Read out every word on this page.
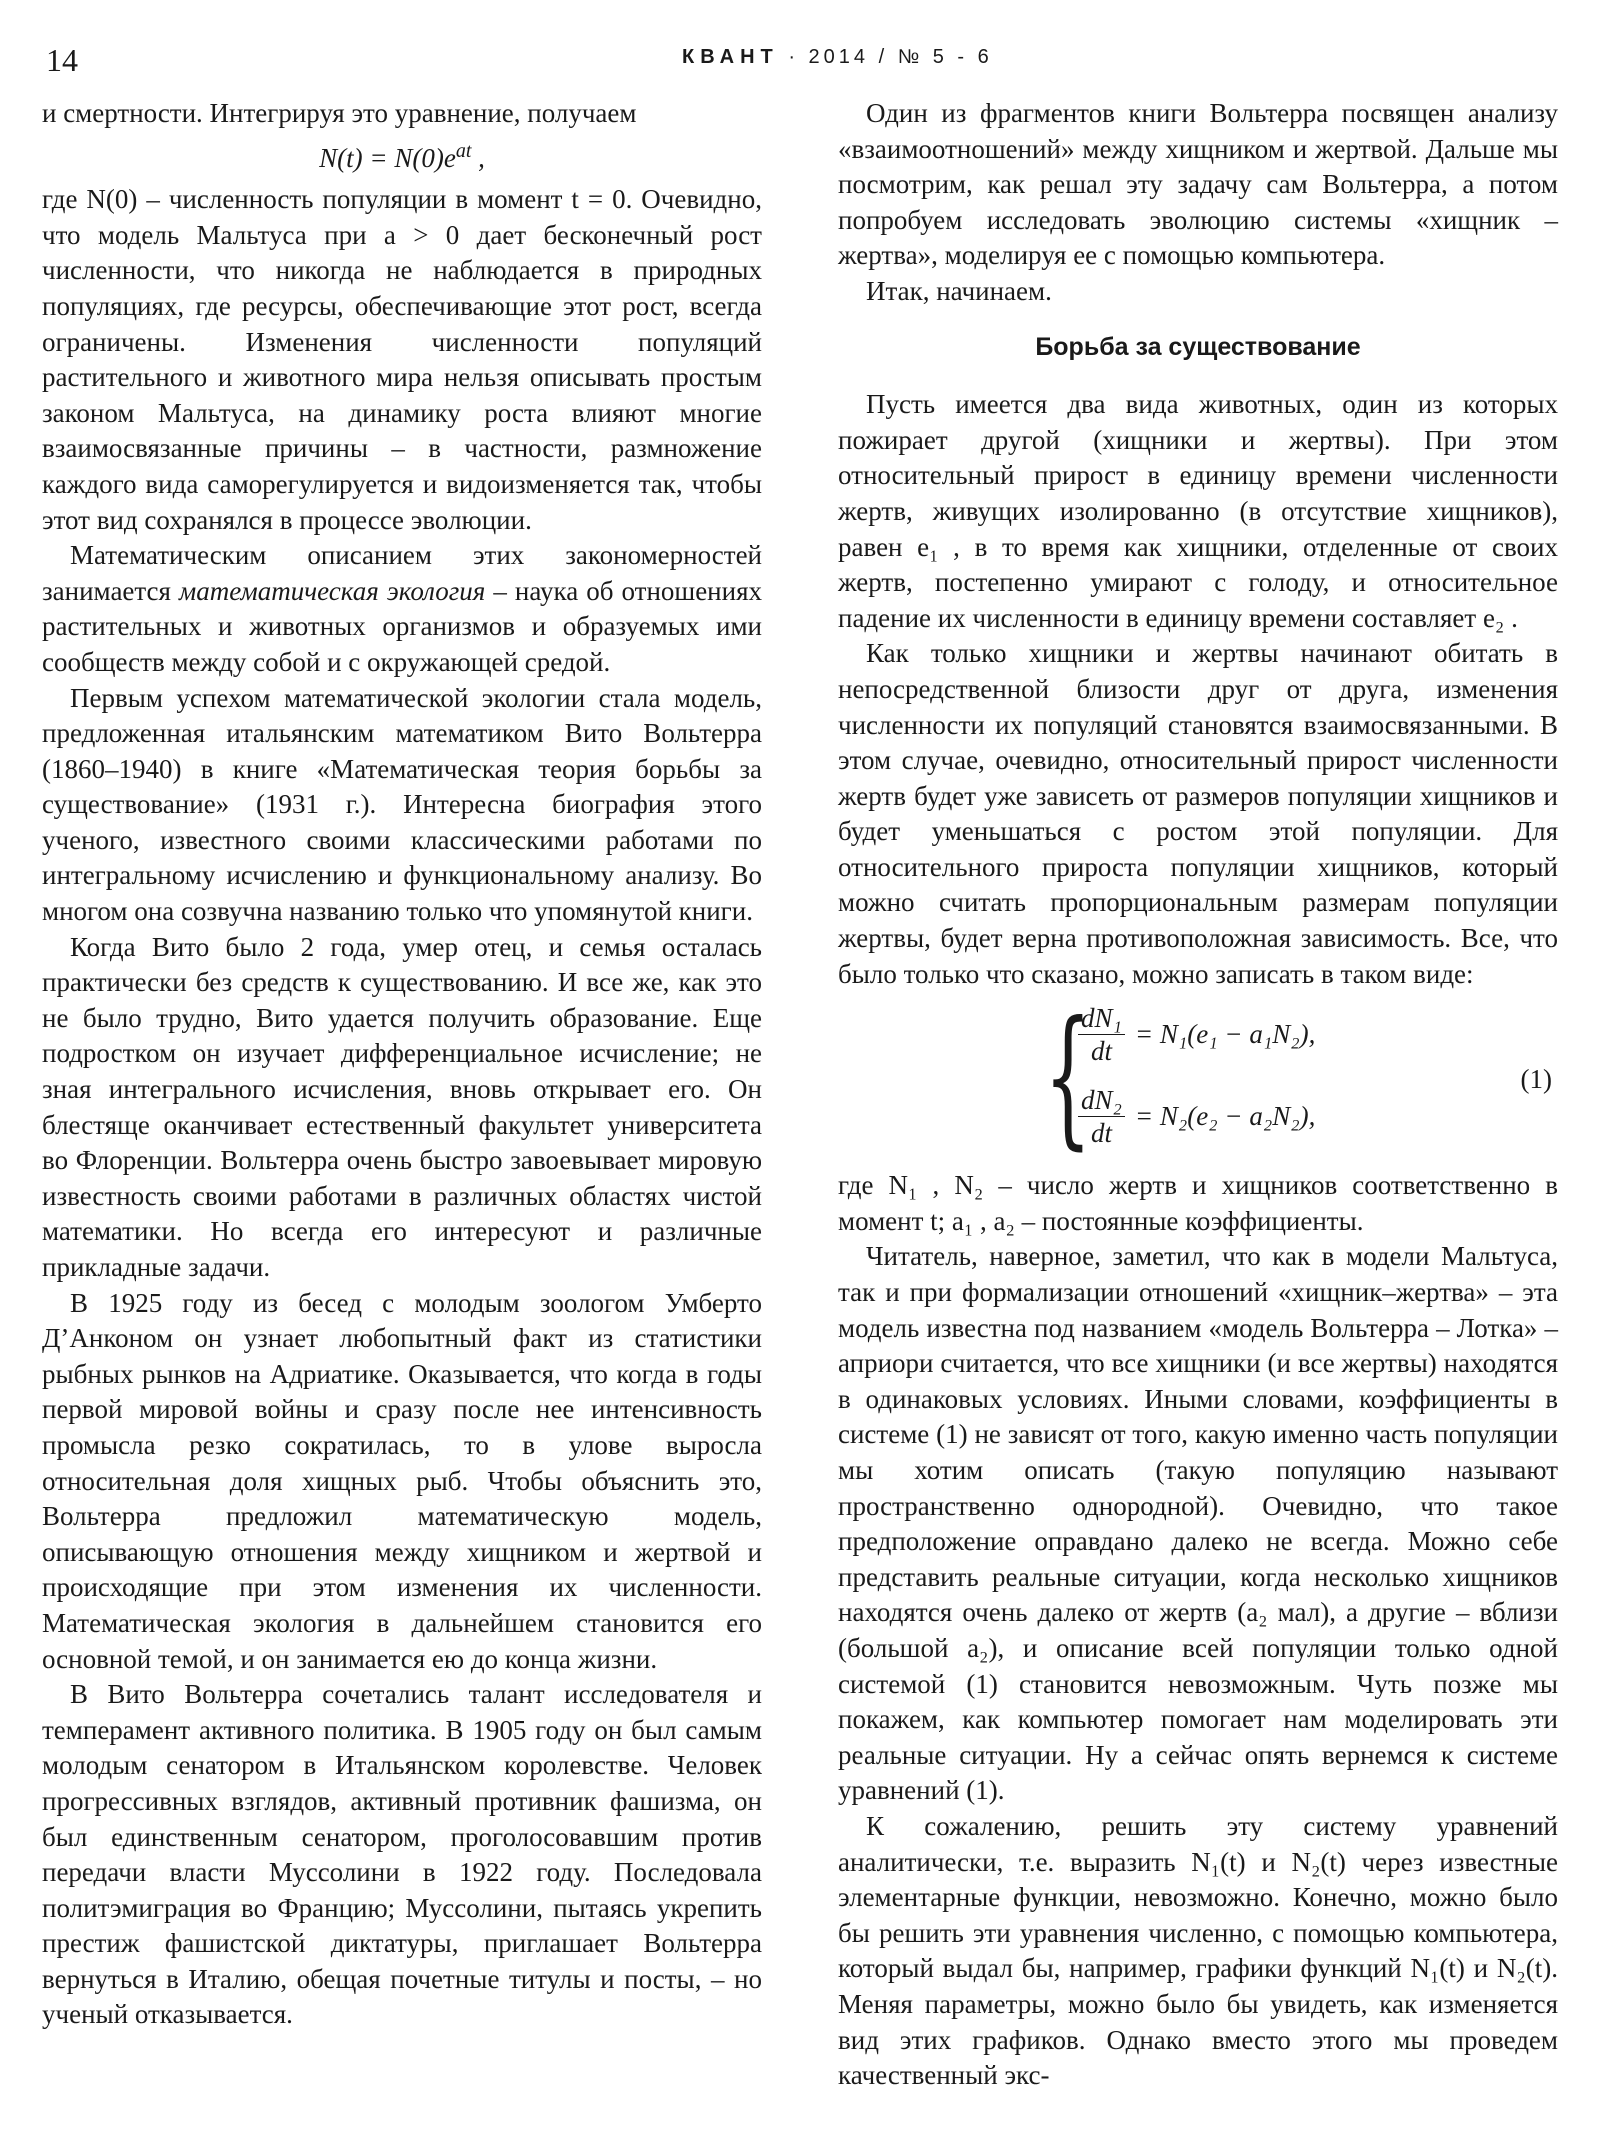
14	КВАНТ · 2014 / № 5 - 6

и смертности. Интегрируя это уравнение, получаем

$N(t) = N(0)e^{at}$ ,

где N(0) – численность популяции в момент t = 0. Очевидно, что модель Мальтуса при a > 0 дает бесконечный рост численности, что никогда не наблюдается в природных популяциях, где ресурсы, обеспечивающие этот рост, всегда ограничены. Изменения численности популяций растительного и животного мира нельзя описывать простым законом Мальтуса, на динамику роста влияют многие взаимосвязанные причины – в частности, размножение каждого вида саморегулируется и видоизменяется так, чтобы этот вид сохранялся в процессе эволюции.

Математическим описанием этих закономерностей занимается математическая экология – наука об отношениях растительных и животных организмов и образуемых ими сообществ между собой и с окружающей средой.

Первым успехом математической экологии стала модель, предложенная итальянским математиком Вито Вольтерра (1860–1940) в книге «Математическая теория борьбы за существование» (1931 г.). Интересна биография этого ученого, известного своими классическими работами по интегральному исчислению и функциональному анализу. Во многом она созвучна названию только что упомянутой книги.

Когда Вито было 2 года, умер отец, и семья осталась практически без средств к существованию. И все же, как это не было трудно, Вито удается получить образование. Еще подростком он изучает дифференциальное исчисление; не зная интегрального исчисления, вновь открывает его. Он блестяще оканчивает естественный факультет университета во Флоренции. Вольтерра очень быстро завоевывает мировую известность своими работами в различных областях чистой математики. Но всегда его интересуют и различные прикладные задачи.

В 1925 году из бесед с молодым зоологом Умберто Д’Анконом он узнает любопытный факт из статистики рыбных рынков на Адриатике. Оказывается, что когда в годы первой мировой войны и сразу после нее интенсивность промысла резко сократилась, то в улове выросла относительная доля хищных рыб. Чтобы объяснить это, Вольтерра предложил математическую модель, описывающую отношения между хищником и жертвой и происходящие при этом изменения их численности. Математическая экология в дальнейшем становится его основной темой, и он занимается ею до конца жизни.

В Вито Вольтерра сочетались талант исследователя и темперамент активного политика. В 1905 году он был самым молодым сенатором в Итальянском королевстве. Человек прогрессивных взглядов, активный противник фашизма, он был единственным сенатором, проголосовавшим против передачи власти Муссолини в 1922 году. Последовала политэмиграция во Францию; Муссолини, пытаясь укрепить престиж фашистской диктатуры, приглашает Вольтерра вернуться в Италию, обещая почетные титулы и посты, – но ученый отказывается.

Один из фрагментов книги Вольтерра посвящен анализу «взаимоотношений» между хищником и жертвой. Дальше мы посмотрим, как решал эту задачу сам Вольтерра, а потом попробуем исследовать эволюцию системы «хищник – жертва», моделируя ее с помощью компьютера.

Итак, начинаем.

Борьба за существование

Пусть имеется два вида животных, один из которых пожирает другой (хищники и жертвы). При этом относительный прирост в единицу времени численности жертв, живущих изолированно (в отсутствие хищников), равен e₁ , в то время как хищники, отделенные от своих жертв, постепенно умирают с голоду, и относительное падение их численности в единицу времени составляет e₂ .

Как только хищники и жертвы начинают обитать в непосредственной близости друг от друга, изменения численности их популяций становятся взаимосвязанными. В этом случае, очевидно, относительный прирост численности жертв будет уже зависеть от размеров популяции хищников и будет уменьшаться с ростом этой популяции. Для относительного прироста популяции хищников, который можно считать пропорциональным размерам популяции жертвы, будет верна противоположная зависимость. Все, что было только что сказано, можно записать в таком виде:

{
$\frac{\text{dN₁}}{dt} = N_1(e_1 - a_1N_2)$,
$\frac{\text{dN₂}}{dt} = N_2(e_2 - a_2N_2)$,
(1)

где N₁ , N₂ – число жертв и хищников соответственно в момент t; a₁ , a₂ – постоянные коэффициенты.

Читатель, наверное, заметил, что как в модели Мальтуса, так и при формализации отношений «хищник–жертва» – эта модель известна под названием «модель Вольтерра – Лотка» – априори считается, что все хищники (и все жертвы) находятся в одинаковых условиях. Иными словами, коэффициенты в системе (1) не зависят от того, какую именно часть популяции мы хотим описать (такую популяцию называют пространственно однородной). Очевидно, что такое предположение оправдано далеко не всегда. Можно себе представить реальные ситуации, когда несколько хищников находятся очень далеко от жертв (a₂ мал), а другие – вблизи (большой a₂), и описание всей популяции только одной системой (1) становится невозможным. Чуть позже мы покажем, как компьютер помогает нам моделировать эти реальные ситуации. Ну а сейчас опять вернемся к системе уравнений (1).

К сожалению, решить эту систему уравнений аналитически, т.е. выразить N₁(t) и N₂(t) через известные элементарные функции, невозможно. Конечно, можно было бы решить эти уравнения численно, с помощью компьютера, который выдал бы, например, графики функций N₁(t) и N₂(t). Меняя параметры, можно было бы увидеть, как изменяется вид этих графиков. Однако вместо этого мы проведем качественный экс-
